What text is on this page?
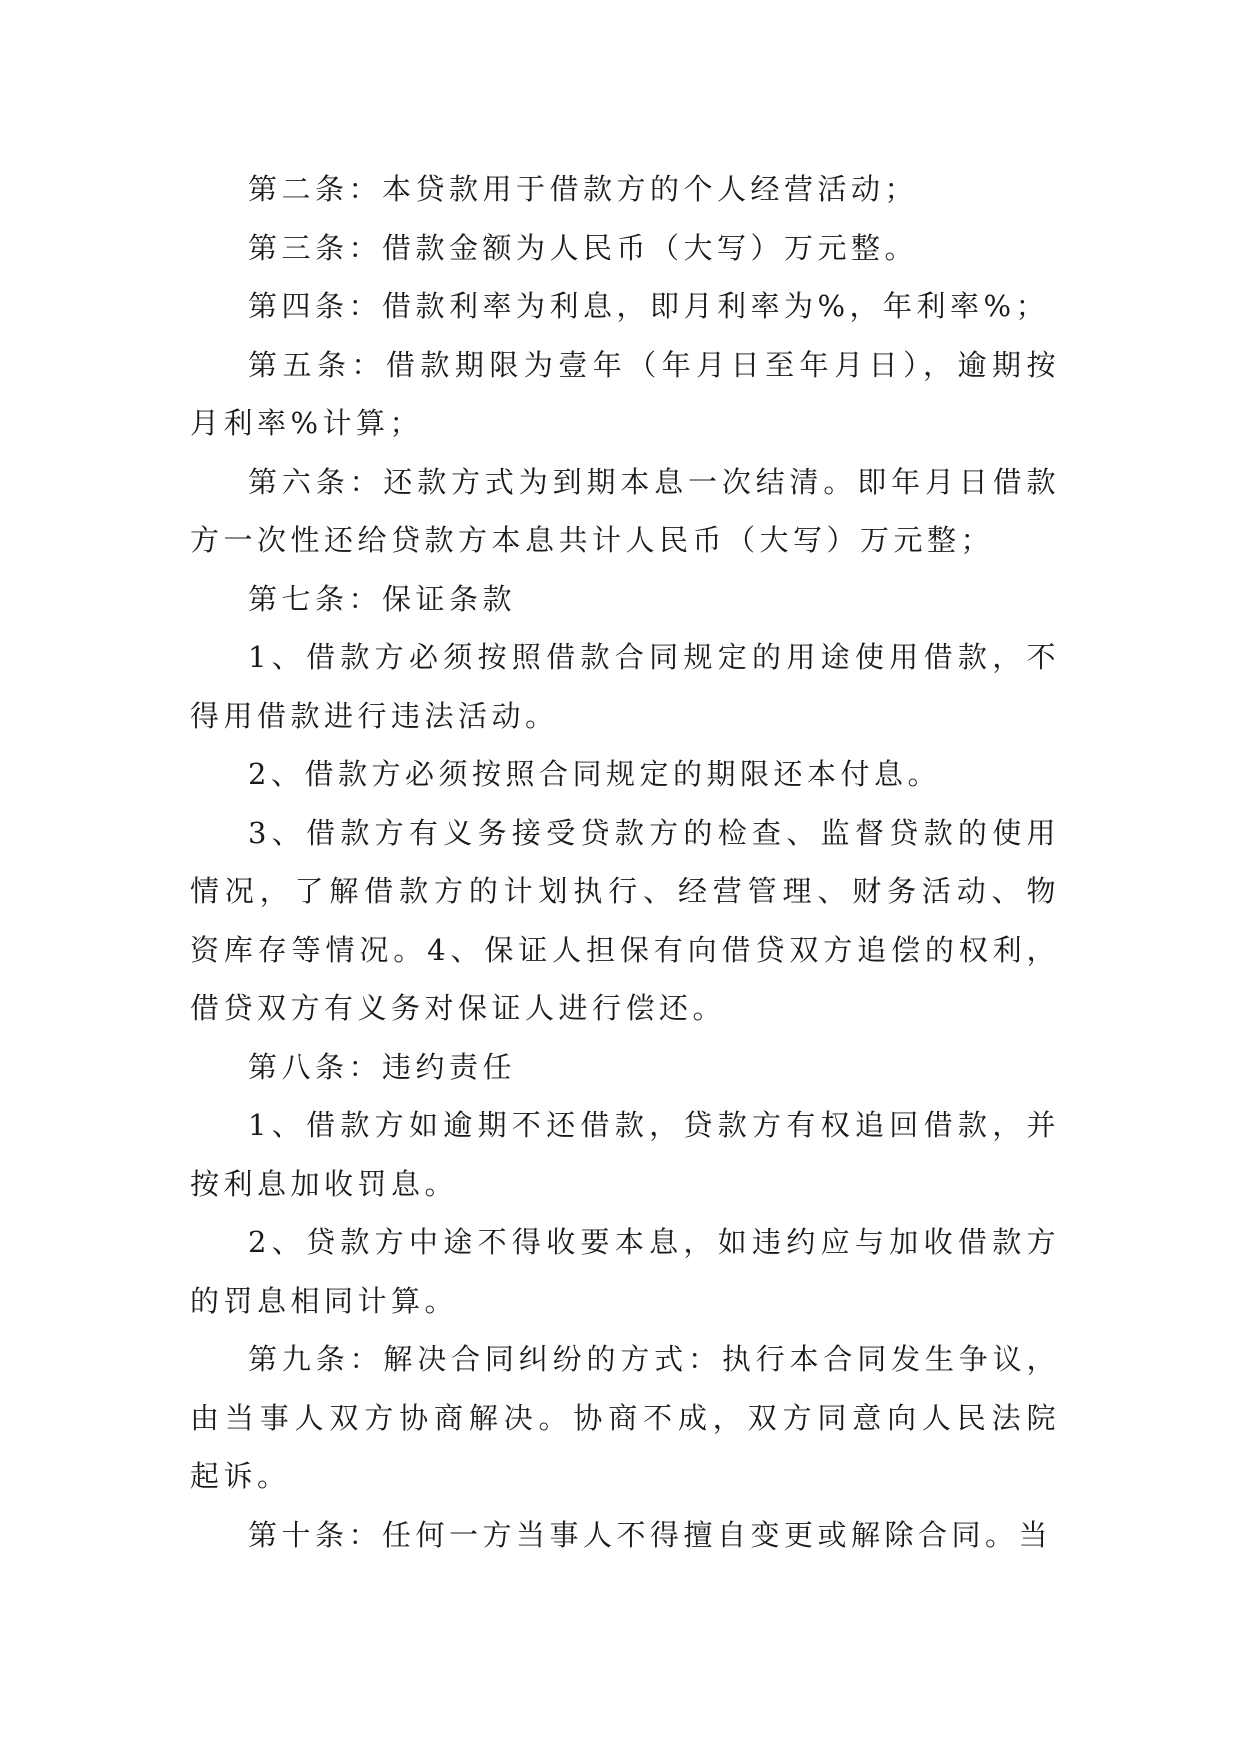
第二条：本贷款用于借款方的个人经营活动；

第三条：借款金额为人民币（大写）万元整。

第四条：借款利率为利息，即月利率为%，年利率%；

第五条：借款期限为壹年（年月日至年月日），逾期按月利率%计算；

第六条：还款方式为到期本息一次结清。即年月日借款方一次性还给贷款方本息共计人民币（大写）万元整；

第七条：保证条款

1、借款方必须按照借款合同规定的用途使用借款，不得用借款进行违法活动。

2、借款方必须按照合同规定的期限还本付息。

3、借款方有义务接受贷款方的检查、监督贷款的使用情况，了解借款方的计划执行、经营管理、财务活动、物资库存等情况。4、保证人担保有向借贷双方追偿的权利，借贷双方有义务对保证人进行偿还。

第八条：违约责任

1、借款方如逾期不还借款，贷款方有权追回借款，并按利息加收罚息。

2、贷款方中途不得收要本息，如违约应与加收借款方的罚息相同计算。

第九条：解决合同纠纷的方式：执行本合同发生争议，由当事人双方协商解决。协商不成，双方同意向人民法院起诉。

第十条：任何一方当事人不得擅自变更或解除合同。当
